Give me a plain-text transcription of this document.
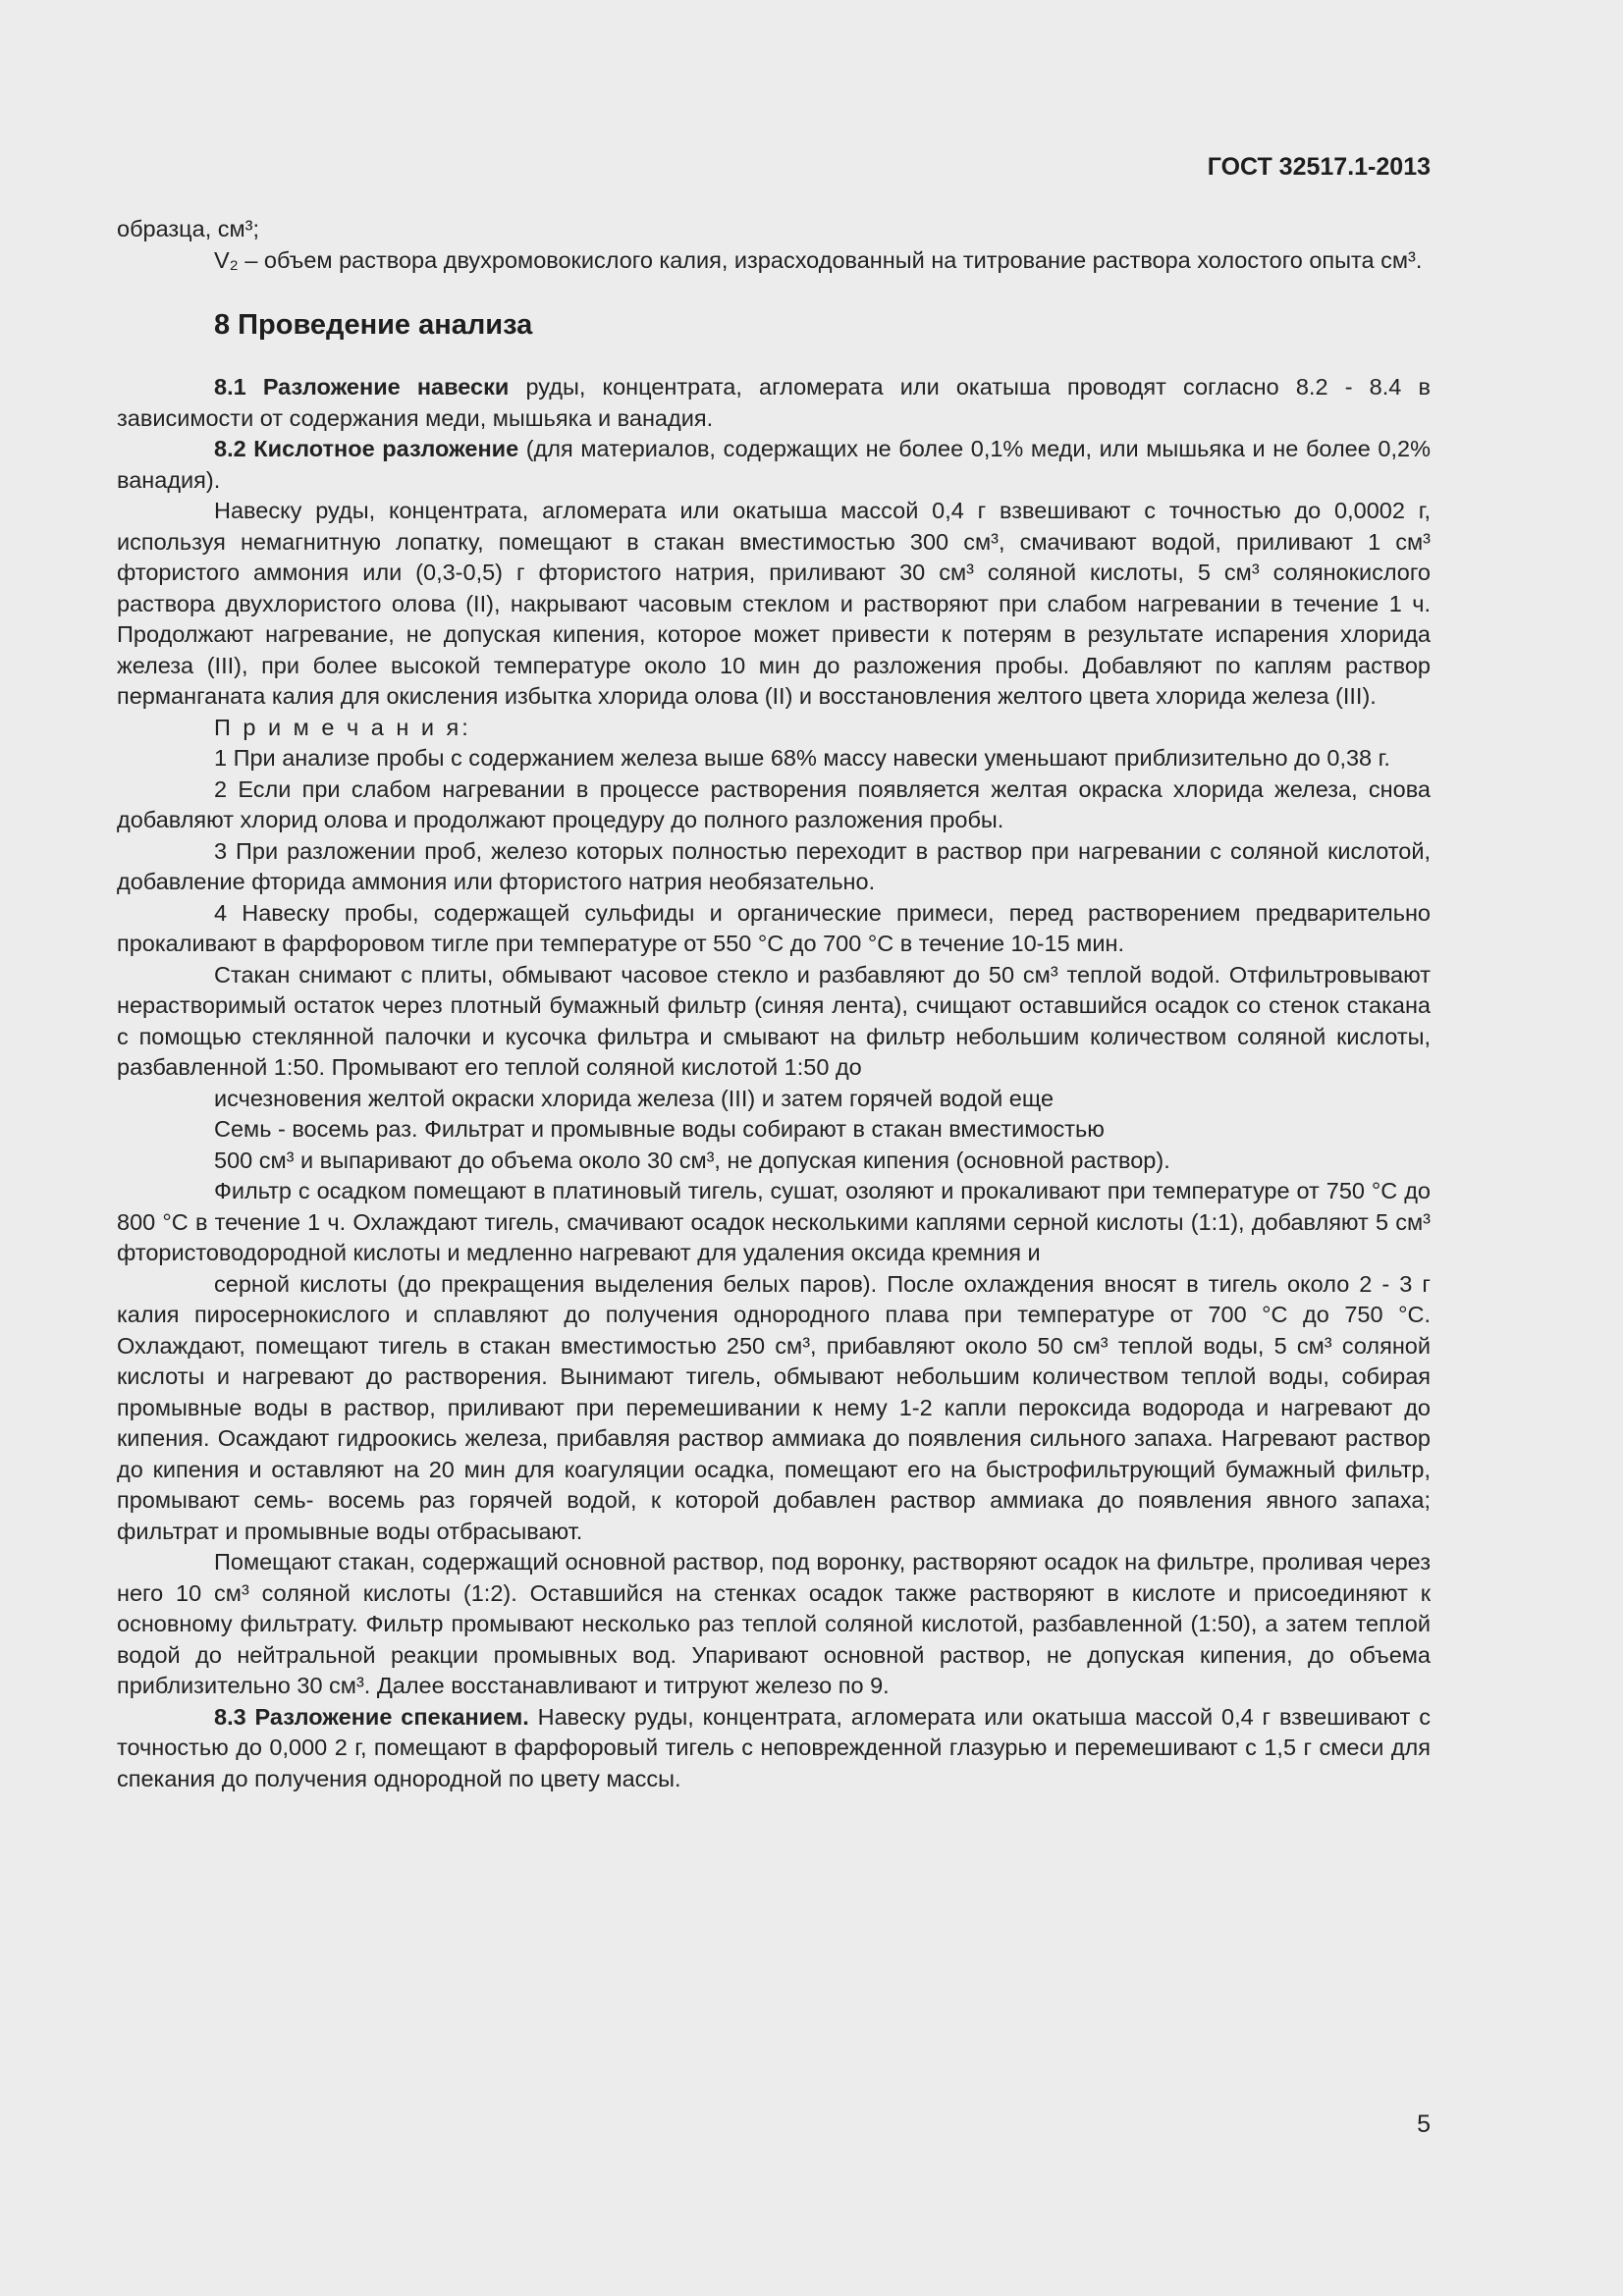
ГОСТ 32517.1-2013

образца, см³;

V₂ – объем раствора двухромовокислого калия, израсходованный на титрование раствора холостого опыта см³.

8 Проведение анализа

8.1 Разложение навески руды, концентрата, агломерата или окатыша проводят согласно 8.2 - 8.4 в зависимости от содержания меди, мышьяка и ванадия.

8.2 Кислотное разложение (для материалов, содержащих не более 0,1% меди, или мышьяка и не более 0,2% ванадия).

Навеску руды, концентрата, агломерата или окатыша массой 0,4 г взвешивают с точностью до 0,0002 г, используя немагнитную лопатку, помещают в стакан вместимостью 300 см³, смачивают водой, приливают 1 см³ фтористого аммония или (0,3-0,5) г фтористого натрия, приливают 30 см³ соляной кислоты, 5 см³ солянокислого раствора двухлористого олова (II), накрывают часовым стеклом и растворяют при слабом нагревании в течение 1 ч. Продолжают нагревание, не допуская кипения, которое может привести к потерям в результате испарения хлорида железа (III), при более высокой температуре около 10 мин до разложения пробы. Добавляют по каплям раствор перманганата калия для окисления избытка хлорида олова (II) и восстановления желтого цвета хлорида железа (III).

П р и м е ч а н и я:

1 При анализе пробы с содержанием железа выше 68% массу навески уменьшают приблизительно до 0,38 г.

2 Если при слабом нагревании в процессе растворения появляется желтая окраска хлорида железа, снова добавляют хлорид олова и продолжают процедуру до полного разложения пробы.

3 При разложении проб, железо которых полностью переходит в раствор при нагревании с соляной кислотой, добавление фторида аммония или фтористого натрия необязательно.

4 Навеску пробы, содержащей сульфиды и органические примеси, перед растворением предварительно прокаливают в фарфоровом тигле при температуре от 550 °С до 700 °С в течение 10-15 мин.

Стакан снимают с плиты, обмывают часовое стекло и разбавляют до 50 см³ теплой водой. Отфильтровывают нерастворимый остаток через плотный бумажный фильтр (синяя лента), счищают оставшийся осадок со стенок стакана с помощью стеклянной палочки и кусочка фильтра и смывают на фильтр небольшим количеством соляной кислоты, разбавленной 1:50. Промывают его теплой соляной кислотой 1:50 до

исчезновения желтой окраски хлорида железа (III) и затем горячей водой еще

Семь - восемь раз. Фильтрат и промывные воды собирают в стакан вместимостью

500 см³ и выпаривают до объема около 30 см³, не допуская кипения (основной раствор).

Фильтр с осадком помещают в платиновый тигель, сушат, озоляют и прокаливают при температуре от 750 °С до 800 °С в течение 1 ч. Охлаждают тигель, смачивают осадок несколькими каплями серной кислоты (1:1), добавляют 5 см³ фтористоводородной кислоты и медленно нагревают для удаления оксида кремния и

серной кислоты (до прекращения выделения белых паров). После охлаждения вносят в тигель около 2 - 3 г калия пиросернокислого и сплавляют до получения однородного плава при температуре от 700 °С до 750 °С. Охлаждают, помещают тигель в стакан вместимостью 250 см³, прибавляют около 50 см³ теплой воды, 5 см³ соляной кислоты и нагревают до растворения. Вынимают тигель, обмывают небольшим количеством теплой воды, собирая промывные воды в раствор, приливают при перемешивании к нему 1-2 капли пероксида водорода и нагревают до кипения. Осаждают гидроокись железа, прибавляя раствор аммиака до появления сильного запаха. Нагревают раствор до кипения и оставляют на 20 мин для коагуляции осадка, помещают его на быстрофильтрующий бумажный фильтр, промывают семь- восемь раз горячей водой, к которой добавлен раствор аммиака до появления явного запаха; фильтрат и промывные воды отбрасывают.

Помещают стакан, содержащий основной раствор, под воронку, растворяют осадок на фильтре, проливая через него 10 см³ соляной кислоты (1:2). Оставшийся на стенках осадок также растворяют в кислоте и присоединяют к основному фильтрату. Фильтр промывают несколько раз теплой соляной кислотой, разбавленной (1:50), а затем теплой водой до нейтральной реакции промывных вод. Упаривают основной раствор, не допуская кипения, до объема приблизительно 30 см³. Далее восстанавливают и титруют железо по 9.

8.3 Разложение спеканием. Навеску руды, концентрата, агломерата или окатыша массой 0,4 г взвешивают с точностью до 0,000 2 г, помещают в фарфоровый тигель с неповрежденной глазурью и перемешивают с 1,5 г смеси для спекания до получения однородной по цвету массы.

5
